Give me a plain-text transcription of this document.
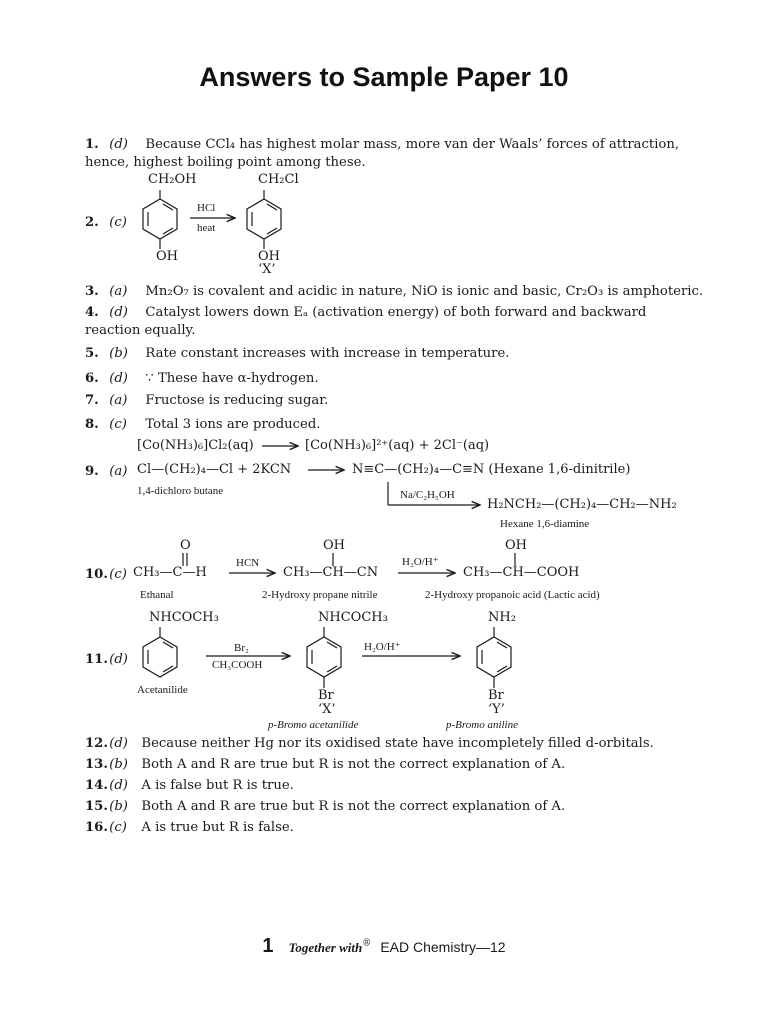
Answers to Sample Paper 10
1. (d) Because CCl₄ has highest molar mass, more van der Waals’ forces of attraction, hence, highest boiling point among these.
2. (c)
CH₂OH
OH
HCl
heat
CH₂Cl
OH
‘X’
3. (a) Mn₂O₇ is covalent and acidic in nature, NiO is ionic and basic, Cr₂O₃ is amphoteric.
4. (d) Catalyst lowers down Eₐ (activation energy) of both forward and backward reaction equally.
5. (b) Rate constant increases with increase in temperature.
6. (d) ∵ These have α-hydrogen.
7. (a) Fructose is reducing sugar.
8. (c) Total 3 ions are produced.
[Co(NH₃)₆]Cl₂(aq)	[Co(NH₃)₆]²⁺(aq) + 2Cl⁻(aq)
9. (a) Cl—(CH₂)₄—Cl + 2KCN
1,4-dichloro butane
N≡C—(CH₂)₄—C≡N (Hexane 1,6-dinitrile)
Na/C₂H₅OH
H₂NCH₂—(CH₂)₄—CH₂—NH₂
Hexane 1,6-diamine
10. (c)
O
CH₃—C—H
Ethanal
HCN
OH
CH₃—CH—CN
2-Hydroxy propane nitrile
H₂O/H⁺
OH
CH₃—CH—COOH
2-Hydroxy propanoic acid (Lactic acid)
11. (d)
NHCOCH₃
Acetanilide
Br₂
CH₃COOH
NHCOCH₃
Br
‘X’
p-Bromo acetanilide
H₂O/H⁺
NH₂
Br
‘Y’
p-Bromo aniline
12. (d) Because neither Hg nor its oxidised state have incompletely filled d-orbitals.
13. (b) Both A and R are true but R is not the correct explanation of A.
14. (d) A is false but R is true.
15. (b) Both A and R are true but R is not the correct explanation of A.
16. (c) A is true but R is false.
1 Together with® EAD Chemistry—12
